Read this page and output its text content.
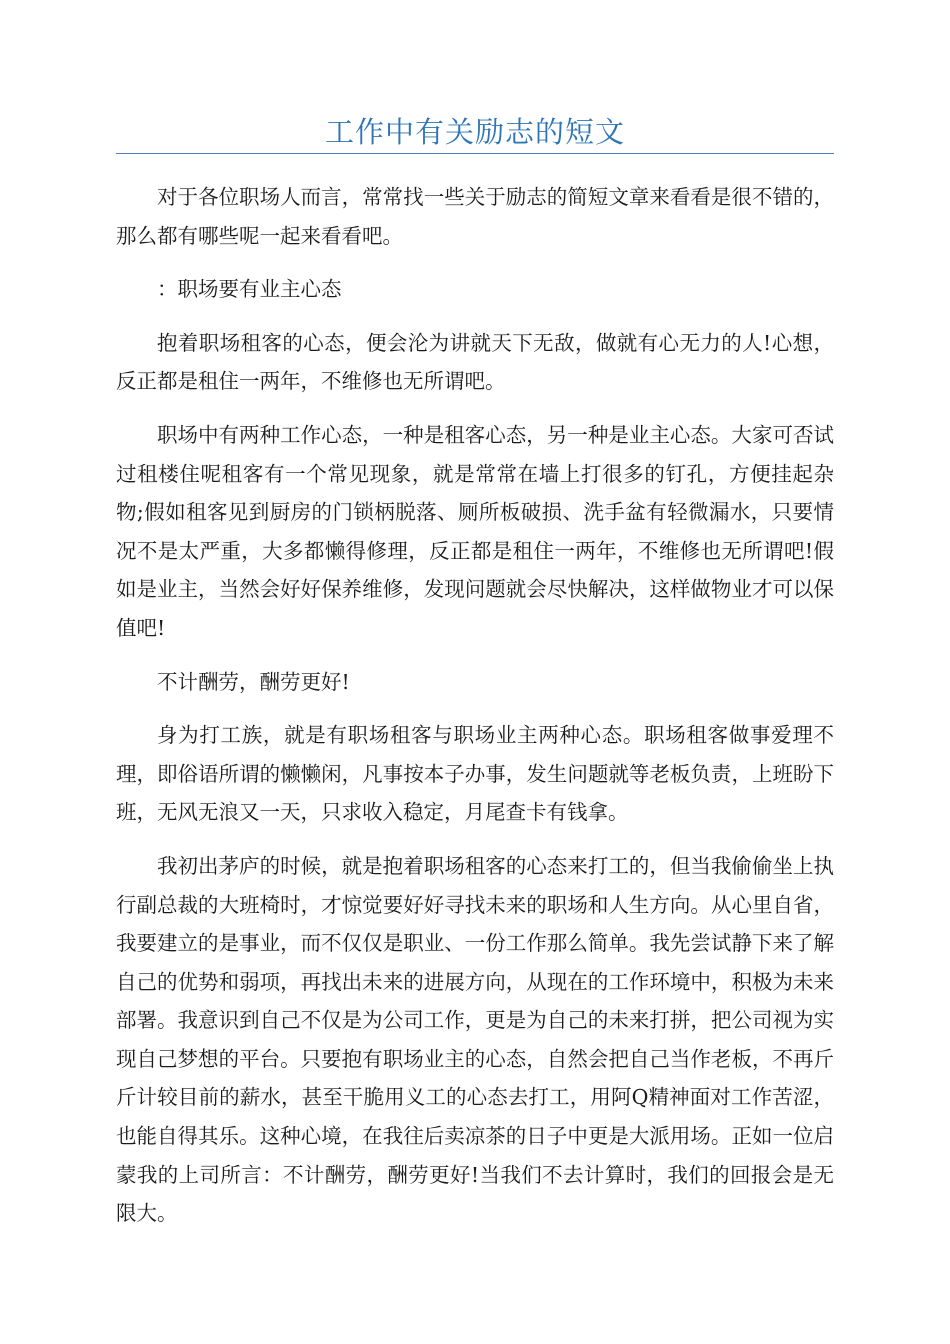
工作中有关励志的短文

对于各位职场人而言，常常找一些关于励志的简短文章来看看是很不错的，那么都有哪些呢一起来看看吧。

：职场要有业主心态

抱着职场租客的心态，便会沦为讲就天下无敌，做就有心无力的人!心想，反正都是租住一两年，不维修也无所谓吧。

职场中有两种工作心态，一种是租客心态，另一种是业主心态。大家可否试过租楼住呢租客有一个常见现象，就是常常在墙上打很多的钉孔，方便挂起杂物;假如租客见到厨房的门锁柄脱落、厕所板破损、洗手盆有轻微漏水，只要情况不是太严重，大多都懒得修理，反正都是租住一两年，不维修也无所谓吧!假如是业主，当然会好好保养维修，发现问题就会尽快解决，这样做物业才可以保值吧!

不计酬劳，酬劳更好!

身为打工族，就是有职场租客与职场业主两种心态。职场租客做事爱理不理，即俗语所谓的懒懒闲，凡事按本子办事，发生问题就等老板负责，上班盼下班，无风无浪又一天，只求收入稳定，月尾查卡有钱拿。

我初出茅庐的时候，就是抱着职场租客的心态来打工的，但当我偷偷坐上执行副总裁的大班椅时，才惊觉要好好寻找未来的职场和人生方向。从心里自省，我要建立的是事业，而不仅仅是职业、一份工作那么简单。我先尝试静下来了解自己的优势和弱项，再找出未来的进展方向，从现在的工作环境中，积极为未来部署。我意识到自己不仅是为公司工作，更是为自己的未来打拼，把公司视为实现自己梦想的平台。只要抱有职场业主的心态，自然会把自己当作老板，不再斤斤计较目前的薪水，甚至干脆用义工的心态去打工，用阿Q精神面对工作苦涩，也能自得其乐。这种心境，在我往后卖凉茶的日子中更是大派用场。正如一位启蒙我的上司所言：不计酬劳，酬劳更好!当我们不去计算时，我们的回报会是无限大。
